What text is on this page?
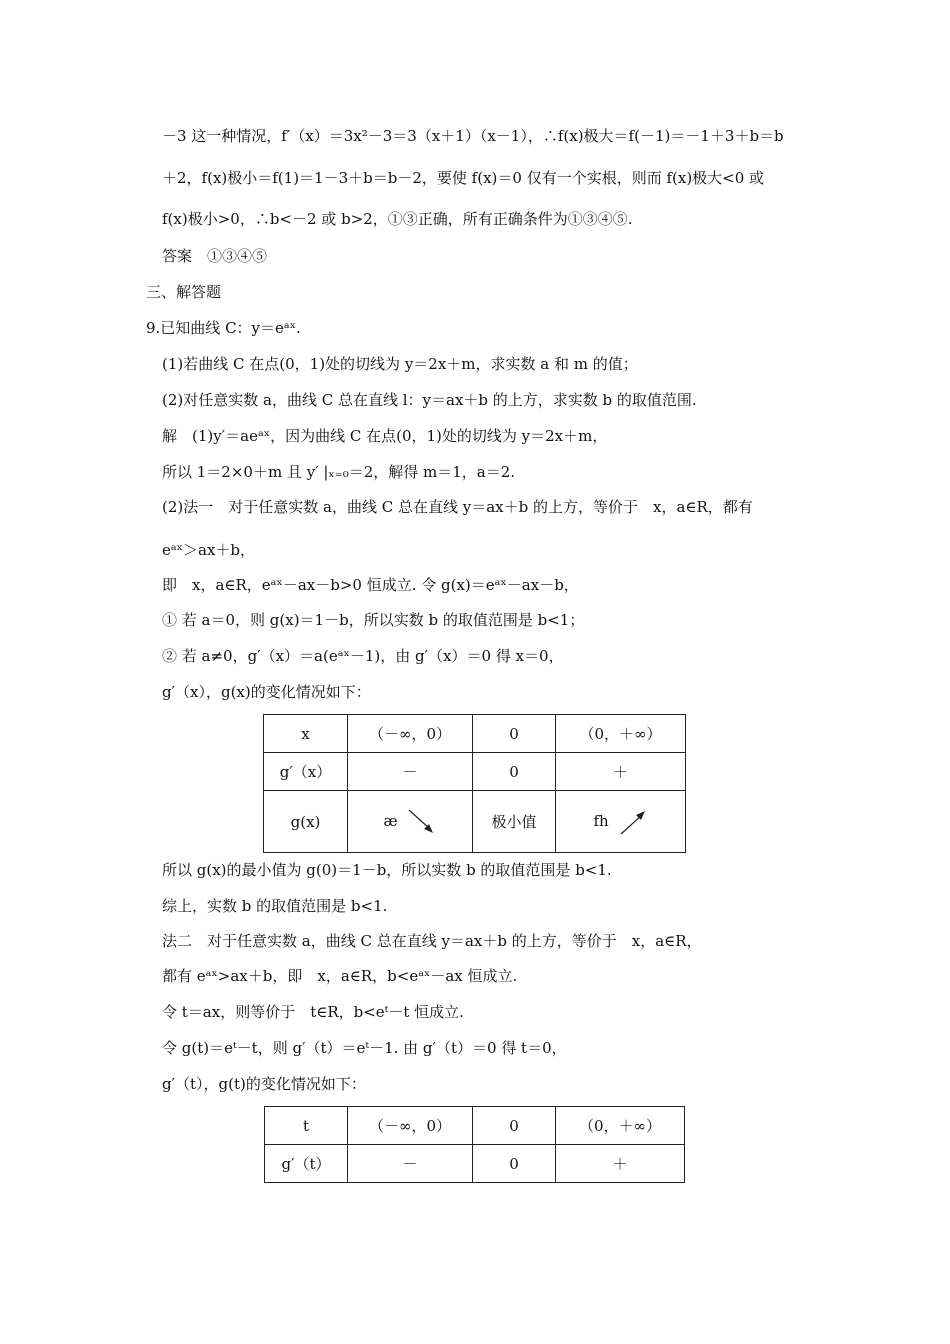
－3 这一种情况，f′（x）＝3x²－3＝3（x＋1）（x－1），∴f(x)极大＝f(－1)＝－1＋3＋b＝b
＋2，f(x)极小＝f(1)＝1－3＋b＝b－2，要使 f(x)＝0 仅有一个实根，则而 f(x)极大<0 或
f(x)极小>0，∴b<－2 或 b>2，①③正确，所有正确条件为①③④⑤.
答案　①③④⑤
三、解答题
9.已知曲线 C：y＝eᵃˣ.
(1)若曲线 C 在点(0，1)处的切线为 y＝2x＋m，求实数 a 和 m 的值；
(2)对任意实数 a，曲线 C 总在直线 l：y＝ax＋b 的上方，求实数 b 的取值范围.
解　(1)y′＝aeᵃˣ，因为曲线 C 在点(0，1)处的切线为 y＝2x＋m，
所以 1＝2×0＋m 且 y′ |ₓ₌₀＝2，解得 m＝1，a＝2.
(2)法一　对于任意实数 a，曲线 C 总在直线 y＝ax＋b 的上方，等价于　x，a∈R，都有
eᵃˣ＞ax＋b，
即　x，a∈R，eᵃˣ－ax－b>0 恒成立. 令 g(x)＝eᵃˣ－ax－b，
① 若 a＝0，则 g(x)＝1－b，所以实数 b 的取值范围是 b<1；
② 若 a≠0，g′（x）＝a(eᵃˣ－1)，由 g′（x）＝0 得 x＝0，
g′（x），g(x)的变化情况如下：
x	（－∞，0）	0	（0，＋∞）
g′（x）	－	0	＋
g(x)	æ	极小值	fh
所以 g(x)的最小值为 g(0)＝1－b，所以实数 b 的取值范围是 b<1.
综上，实数 b 的取值范围是 b<1.
法二　对于任意实数 a，曲线 C 总在直线 y＝ax＋b 的上方，等价于　x，a∈R，
都有 eᵃˣ>ax＋b，即　x，a∈R，b<eᵃˣ－ax 恒成立.
令 t＝ax，则等价于　t∈R，b<eᵗ－t 恒成立.
令 g(t)＝eᵗ－t，则 g′（t）＝eᵗ－1. 由 g′（t）＝0 得 t＝0，
g′（t），g(t)的变化情况如下：
t	（－∞，0）	0	（0，＋∞）
g′（t）	－	0	＋
